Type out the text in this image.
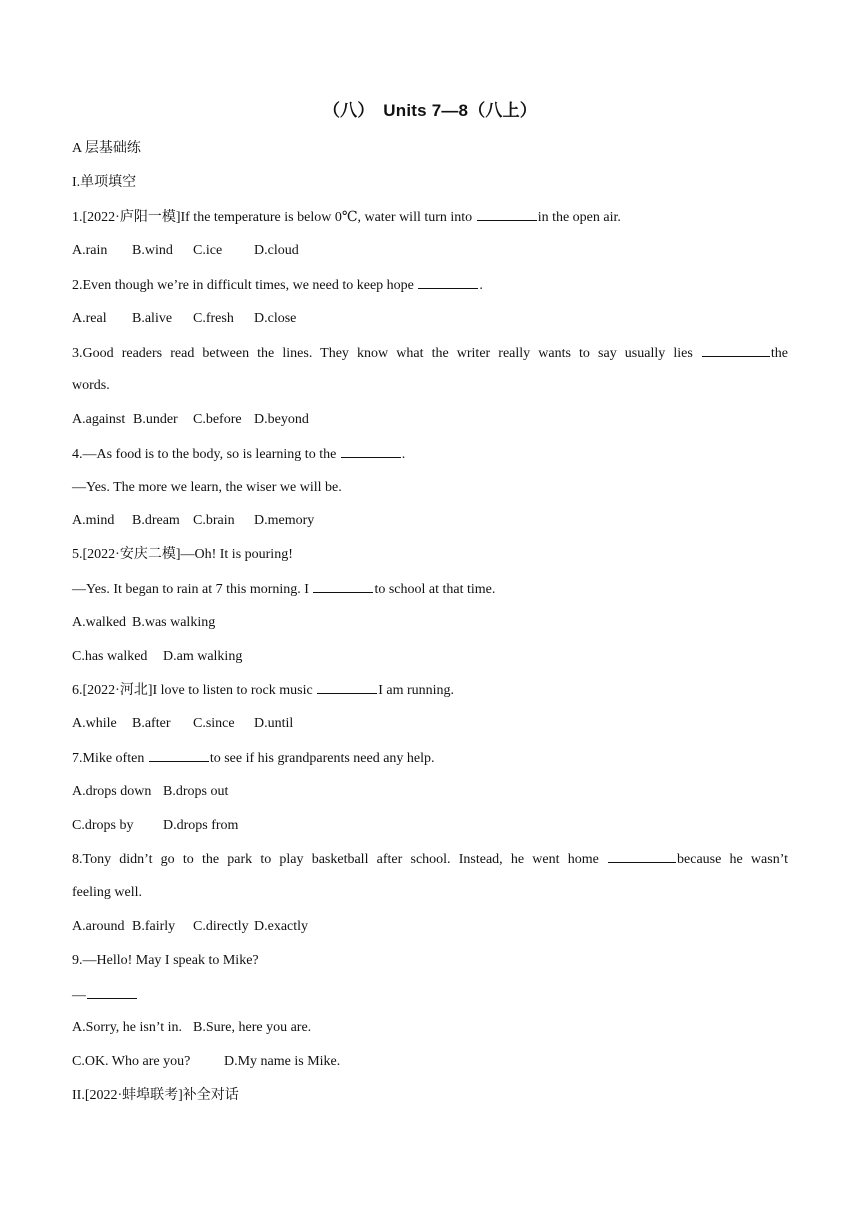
（八）　Units 7—8（八上）
A 层基础练
I.单项填空
1.[2022·庐阳一模]If the temperature is below 0℃, water will turn into	in the open air.
A.rain B.wind C.ice D.cloud
2.Even though we’re in difficult times, we need to keep hope	.
A.real B.alive C.fresh D.close
3.Good readers read between the lines. They know what the writer really wants to say usually lies	the
words.
A.against B.under C.before D.beyond
4.—As food is to the body, so is learning to the	.
—Yes. The more we learn, the wiser we will be.
A.mind B.dream C.brain D.memory
5.[2022·安庆二模]—Oh! It is pouring!
—Yes. It began to rain at 7 this morning. I	to school at that time.
A.walked B.was walking
C.has walked D.am walking
6.[2022·河北]I love to listen to rock music	I am running.
A.while B.after C.since D.until
7.Mike often	to see if his grandparents need any help.
A.drops down B.drops out
C.drops by D.drops from
8.Tony didn’t go to the park to play basketball after school. Instead, he went home	because he wasn’t
feeling well.
A.around B.fairly C.directly D.exactly
9.—Hello! May I speak to Mike?
—
A.Sorry, he isn’t in. B.Sure, here you are.
C.OK. Who are you? D.My name is Mike.
II.[2022·蚌埠联考]补全对话
